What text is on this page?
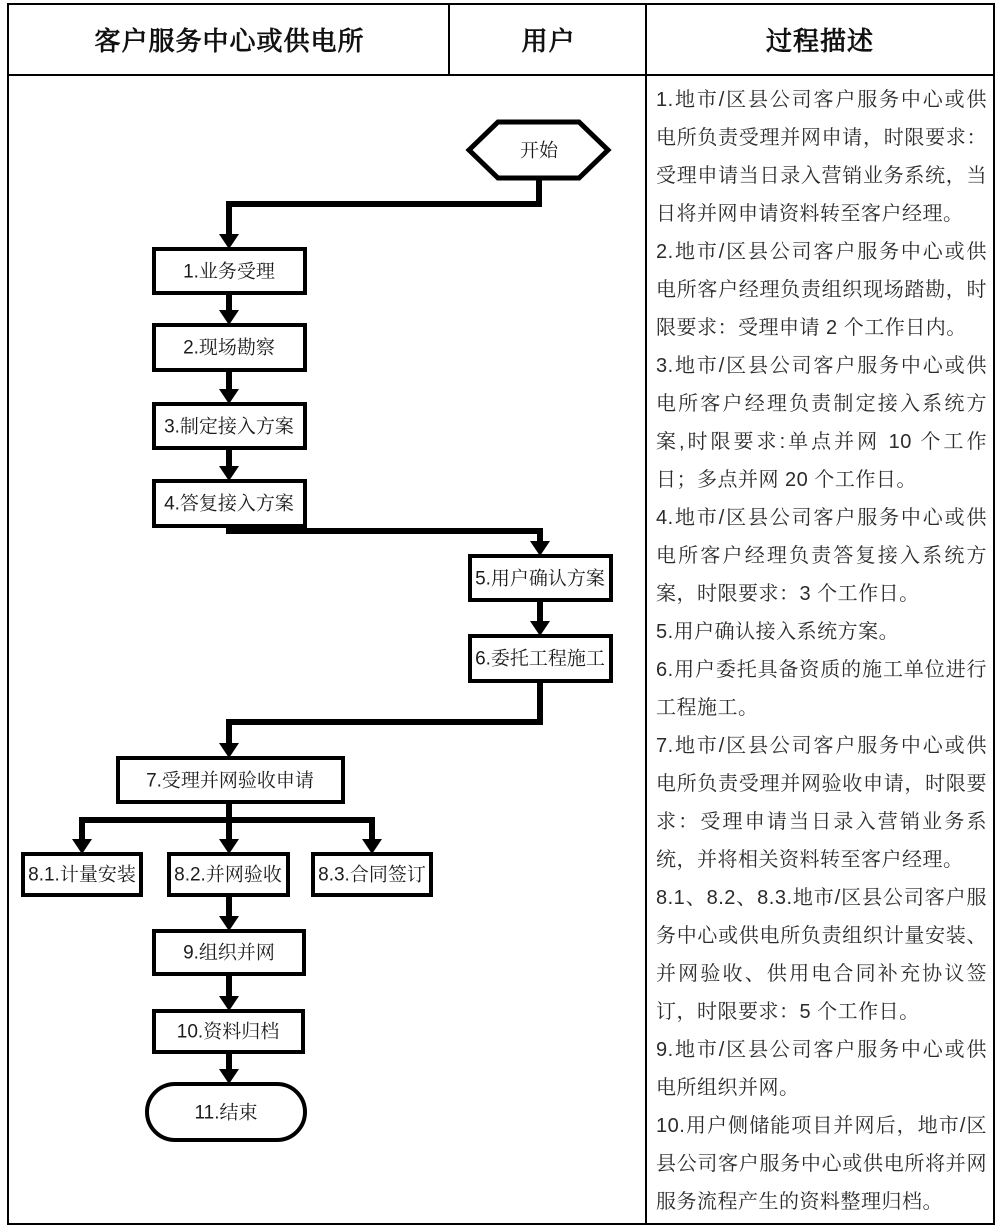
客户服务中心或供电所	用户	过程描述
开始
1.业务受理
2.现场勘察
3.制定接入方案
4.答复接入方案
5.用户确认方案
6.委托工程施工
7.受理并网验收申请
8.1.计量安装 8.2.并网验收 8.3.合同签订
9.组织并网
10.资料归档
11.结束

1.地市/区县公司客户服务中心或供电所负责受理并网申请，时限要求：受理申请当日录入营销业务系统，当日将并网申请资料转至客户经理。

2.地市/区县公司客户服务中心或供电所客户经理负责组织现场踏勘，时限要求：受理申请 2 个工作日内。

3.地市/区县公司客户服务中心或供电所客户经理负责制定接入系统方案,时限要求:单点并网 10 个工作日；多点并网 20 个工作日。

4.地市/区县公司客户服务中心或供电所客户经理负责答复接入系统方案，时限要求：3 个工作日。

5.用户确认接入系统方案。

6.用户委托具备资质的施工单位进行工程施工。

7.地市/区县公司客户服务中心或供电所负责受理并网验收申请，时限要求：受理申请当日录入营销业务系统，并将相关资料转至客户经理。

8.1、8.2、8.3.地市/区县公司客户服务中心或供电所负责组织计量安装、并网验收、供用电合同补充协议签订，时限要求：5 个工作日。

9.地市/区县公司客户服务中心或供电所组织并网。

10.用户侧储能项目并网后，地市/区县公司客户服务中心或供电所将并网服务流程产生的资料整理归档。
